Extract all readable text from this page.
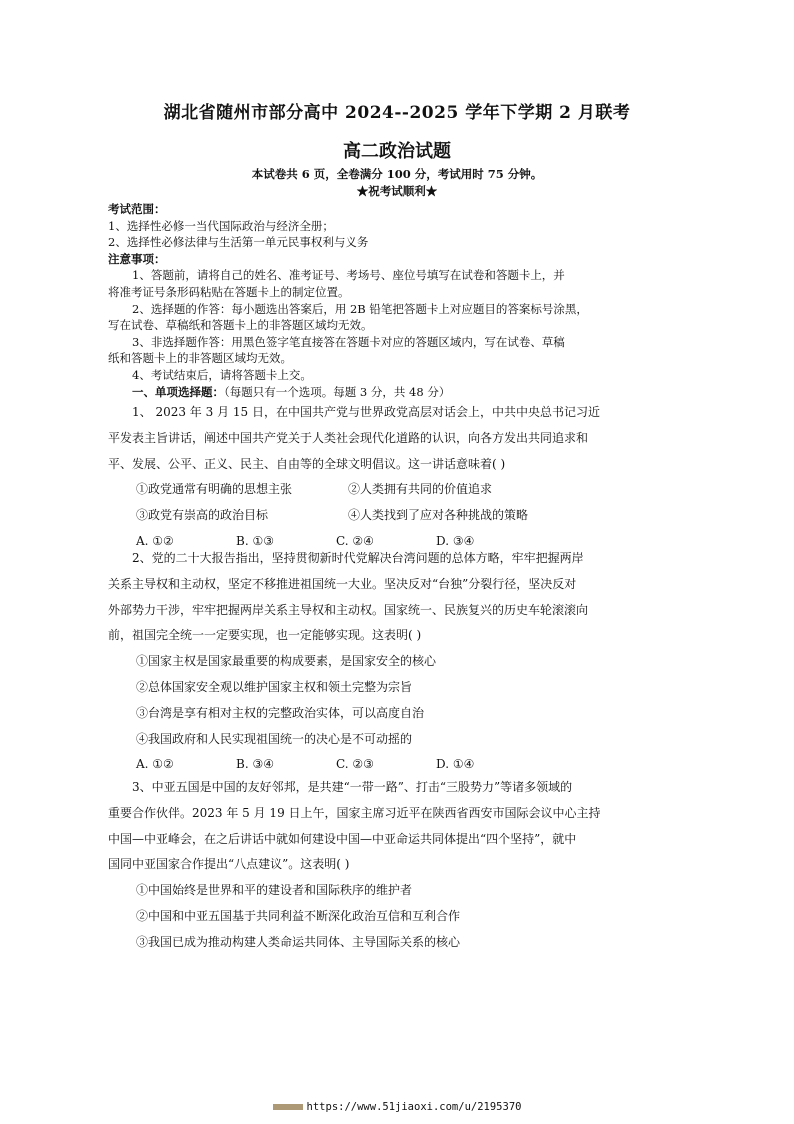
湖北省随州市部分高中 2024--2025 学年下学期 2 月联考
高二政治试题
本试卷共 6 页，全卷满分 100 分，考试用时 75 分钟。
★祝考试顺利★
考试范围：
1、选择性必修一当代国际政治与经济全册；
2、选择性必修法律与生活第一单元民事权利与义务
注意事项：
1、答题前，请将自己的姓名、准考证号、考场号、座位号填写在试卷和答题卡上，并
将准考证号条形码粘贴在答题卡上的制定位置。
2、选择题的作答：每小题选出答案后，用 2B 铅笔把答题卡上对应题目的答案标号涂黑，
写在试卷、草稿纸和答题卡上的非答题区域均无效。
3、非选择题作答：用黑色签字笔直接答在答题卡对应的答题区域内，写在试卷、草稿
纸和答题卡上的非答题区域均无效。
4、考试结束后，请将答题卡上交。
一、单项选择题：（每题只有一个选项。每题 3 分，共 48 分）
1、 2023 年 3 月 15 日，在中国共产党与世界政党高层对话会上，中共中央总书记习近
平发表主旨讲话，阐述中国共产党关于人类社会现代化道路的认识，向各方发出共同追求和
平、发展、公平、正义、民主、自由等的全球文明倡议。这一讲话意味着( )
①政党通常有明确的思想主张	②人类拥有共同的价值追求
③政党有崇高的政治目标	④人类找到了应对各种挑战的策略
A. ①②	B. ①③	C. ②④	D. ③④
2、党的二十大报告指出，坚持贯彻新时代党解决台湾问题的总体方略，牢牢把握两岸
关系主导权和主动权，坚定不移推进祖国统一大业。坚决反对“台独”分裂行径，坚决反对
外部势力干涉，牢牢把握两岸关系主导权和主动权。国家统一、民族复兴的历史车轮滚滚向
前，祖国完全统一一定要实现，也一定能够实现。这表明( )
①国家主权是国家最重要的构成要素，是国家安全的核心
②总体国家安全观以维护国家主权和领土完整为宗旨
③台湾是享有相对主权的完整政治实体，可以高度自治
④我国政府和人民实现祖国统一的决心是不可动摇的
A. ①②	B. ③④	C. ②③	D. ①④
3、中亚五国是中国的友好邻邦，是共建“一带一路”、打击“三股势力”等诸多领域的
重要合作伙伴。2023 年 5 月 19 日上午，国家主席习近平在陕西省西安市国际会议中心主持
中国—中亚峰会，在之后讲话中就如何建设中国—中亚命运共同体提出“四个坚持”，就中
国同中亚国家合作提出“八点建议”。这表明( )
①中国始终是世界和平的建设者和国际秩序的维护者
②中国和中亚五国基于共同利益不断深化政治互信和互利合作
③我国已成为推动构建人类命运共同体、主导国际关系的核心
https://www.51jiaoxi.com/u/2195370
